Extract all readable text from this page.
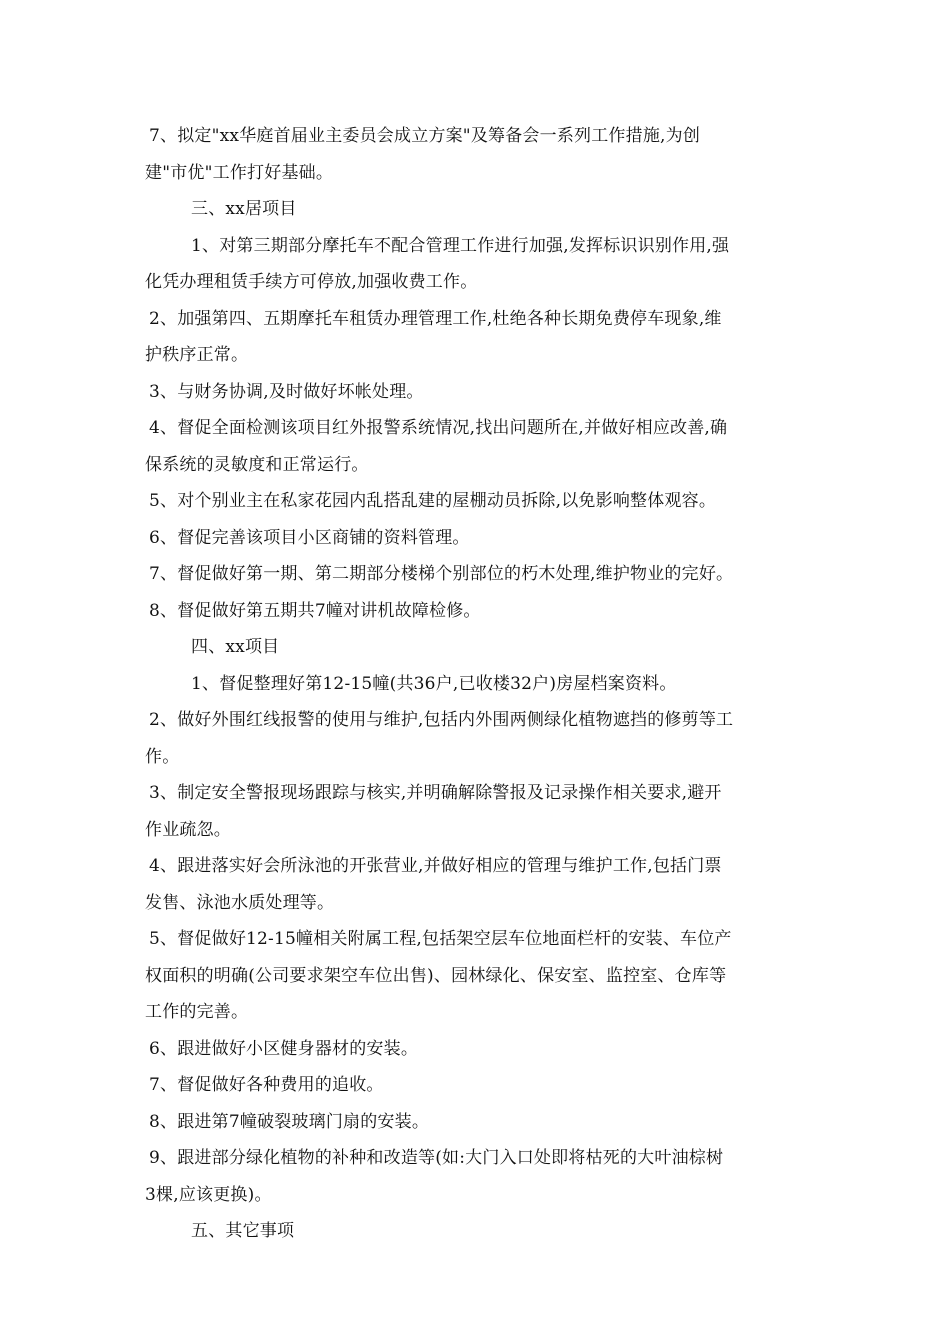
7、拟定"xx华庭首届业主委员会成立方案"及筹备会一系列工作措施,为创
建"市优"工作打好基础。
三、xx居项目
1、对第三期部分摩托车不配合管理工作进行加强,发挥标识识别作用,强
化凭办理租赁手续方可停放,加强收费工作。
2、加强第四、五期摩托车租赁办理管理工作,杜绝各种长期免费停车现象,维
护秩序正常。
3、与财务协调,及时做好坏帐处理。
4、督促全面检测该项目红外报警系统情况,找出问题所在,并做好相应改善,确
保系统的灵敏度和正常运行。
5、对个别业主在私家花园内乱搭乱建的屋棚动员拆除,以免影响整体观容。
6、督促完善该项目小区商铺的资料管理。
7、督促做好第一期、第二期部分楼梯个别部位的朽木处理,维护物业的完好。
8、督促做好第五期共7幢对讲机故障检修。
四、xx项目
1、督促整理好第12-15幢(共36户,已收楼32户)房屋档案资料。
2、做好外围红线报警的使用与维护,包括内外围两侧绿化植物遮挡的修剪等工
作。
3、制定安全警报现场跟踪与核实,并明确解除警报及记录操作相关要求,避开
作业疏忽。
4、跟进落实好会所泳池的开张营业,并做好相应的管理与维护工作,包括门票
发售、泳池水质处理等。
5、督促做好12-15幢相关附属工程,包括架空层车位地面栏杆的安装、车位产
权面积的明确(公司要求架空车位出售)、园林绿化、保安室、监控室、仓库等
工作的完善。
6、跟进做好小区健身器材的安装。
7、督促做好各种费用的追收。
8、跟进第7幢破裂玻璃门扇的安装。
9、跟进部分绿化植物的补种和改造等(如:大门入口处即将枯死的大叶油棕树
3棵,应该更换)。
五、其它事项
